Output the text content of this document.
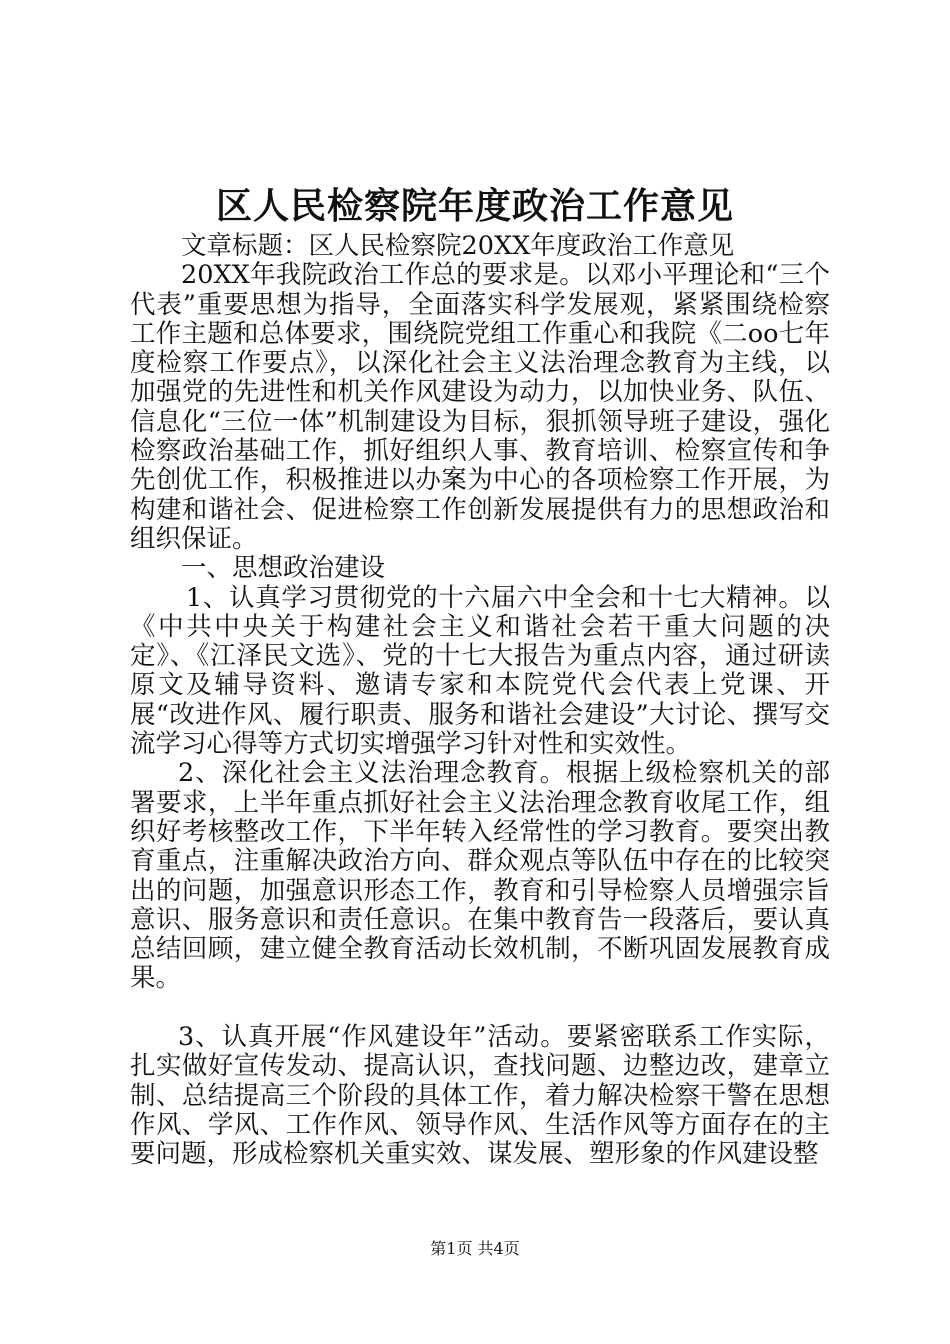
区人民检察院年度政治工作意见

文章标题：区人民检察院20XX年度政治工作意见

20XX年我院政治工作总的要求是。以邓小平理论和“三个代表”重要思想为指导，全面落实科学发展观，紧紧围绕检察工作主题和总体要求，围绕院党组工作重心和我院《二oo七年度检察工作要点》，以深化社会主义法治理念教育为主线，以加强党的先进性和机关作风建设为动力，以加快业务、队伍、信息化“三位一体”机制建设为目标，狠抓领导班子建设，强化检察政治基础工作，抓好组织人事、教育培训、检察宣传和争先创优工作，积极推进以办案为中心的各项检察工作开展，为构建和谐社会、促进检察工作创新发展提供有力的思想政治和组织保证。

一、思想政治建设

1、认真学习贯彻党的十六届六中全会和十七大精神。以《中共中央关于构建社会主义和谐社会若干重大问题的决定》、《江泽民文选》、党的十七大报告为重点内容，通过研读原文及辅导资料、邀请专家和本院党代会代表上党课、开展“改进作风、履行职责、服务和谐社会建设”大讨论、撰写交流学习心得等方式切实增强学习针对性和实效性。

2、深化社会主义法治理念教育。根据上级检察机关的部署要求，上半年重点抓好社会主义法治理念教育收尾工作，组织好考核整改工作，下半年转入经常性的学习教育。要突出教育重点，注重解决政治方向、群众观点等队伍中存在的比较突出的问题，加强意识形态工作，教育和引导检察人员增强宗旨意识、服务意识和责任意识。在集中教育告一段落后，要认真总结回顾，建立健全教育活动长效机制，不断巩固发展教育成果。

3、认真开展“作风建设年”活动。要紧密联系工作实际，扎实做好宣传发动、提高认识，查找问题、边整边改，建章立制、总结提高三个阶段的具体工作，着力解决检察干警在思想作风、学风、工作作风、领导作风、生活作风等方面存在的主要问题，形成检察机关重实效、谋发展、塑形象的作风建设整

第1页 共4页
